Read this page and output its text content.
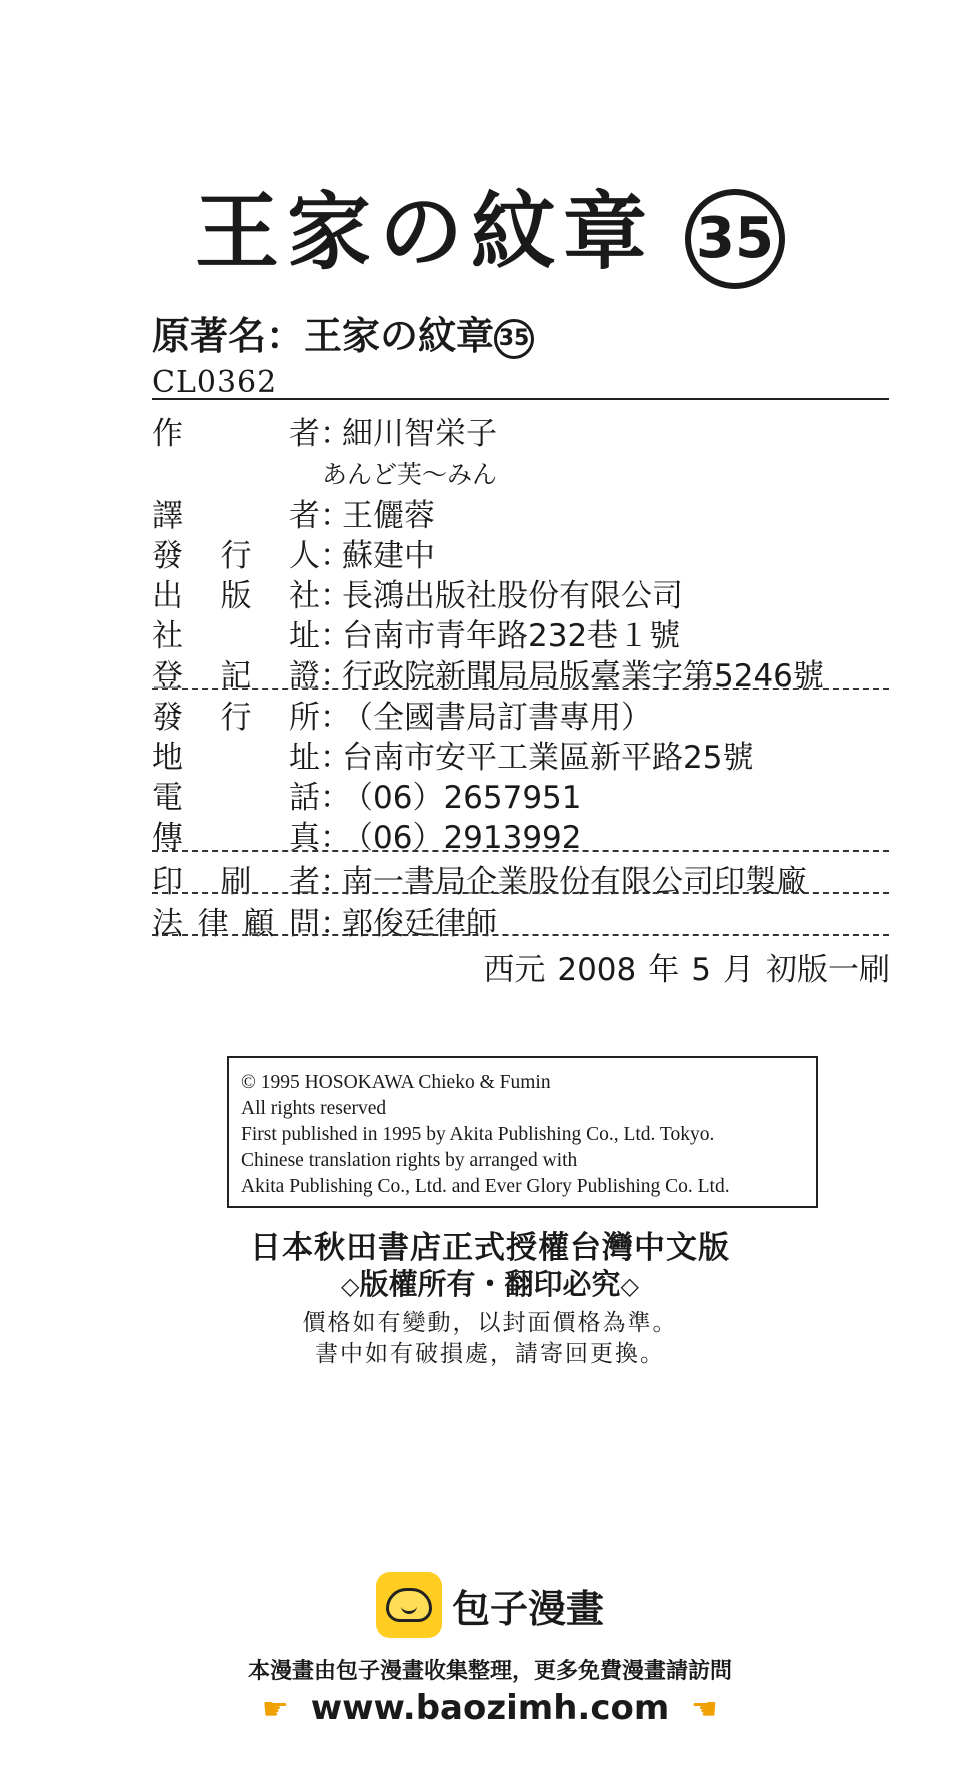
王家の紋章 35
原著名：王家の紋章 35
CL0362
作者：細川智栄子
あんど芙〜みん
譯者：王儷蓉
發行人：蘇建中
出版社：長鴻出版社股份有限公司
社址：台南市青年路232巷１號
登記證：行政院新聞局局版臺業字第5246號
發行所：（全國書局訂書專用）
地址：台南市安平工業區新平路25號
電話：（06）2657951
傳真：（06）2913992
印刷者：南一書局企業股份有限公司印製廠
法律顧問：郭俊廷律師
西元 2008 年 5 月 初版一刷
© 1995 HOSOKAWA Chieko & Fumin
All rights reserved
First published in 1995 by Akita Publishing Co., Ltd. Tokyo.
Chinese translation rights by arranged with
Akita Publishing Co., Ltd. and Ever Glory Publishing Co. Ltd.
日本秋田書店正式授權台灣中文版
◇版權所有・翻印必究◇
價格如有變動，以封面價格為準。
書中如有破損處，請寄回更換。
包子漫畫
本漫畫由包子漫畫收集整理，更多免費漫畫請訪問
☛ www.baozimh.com ☛
